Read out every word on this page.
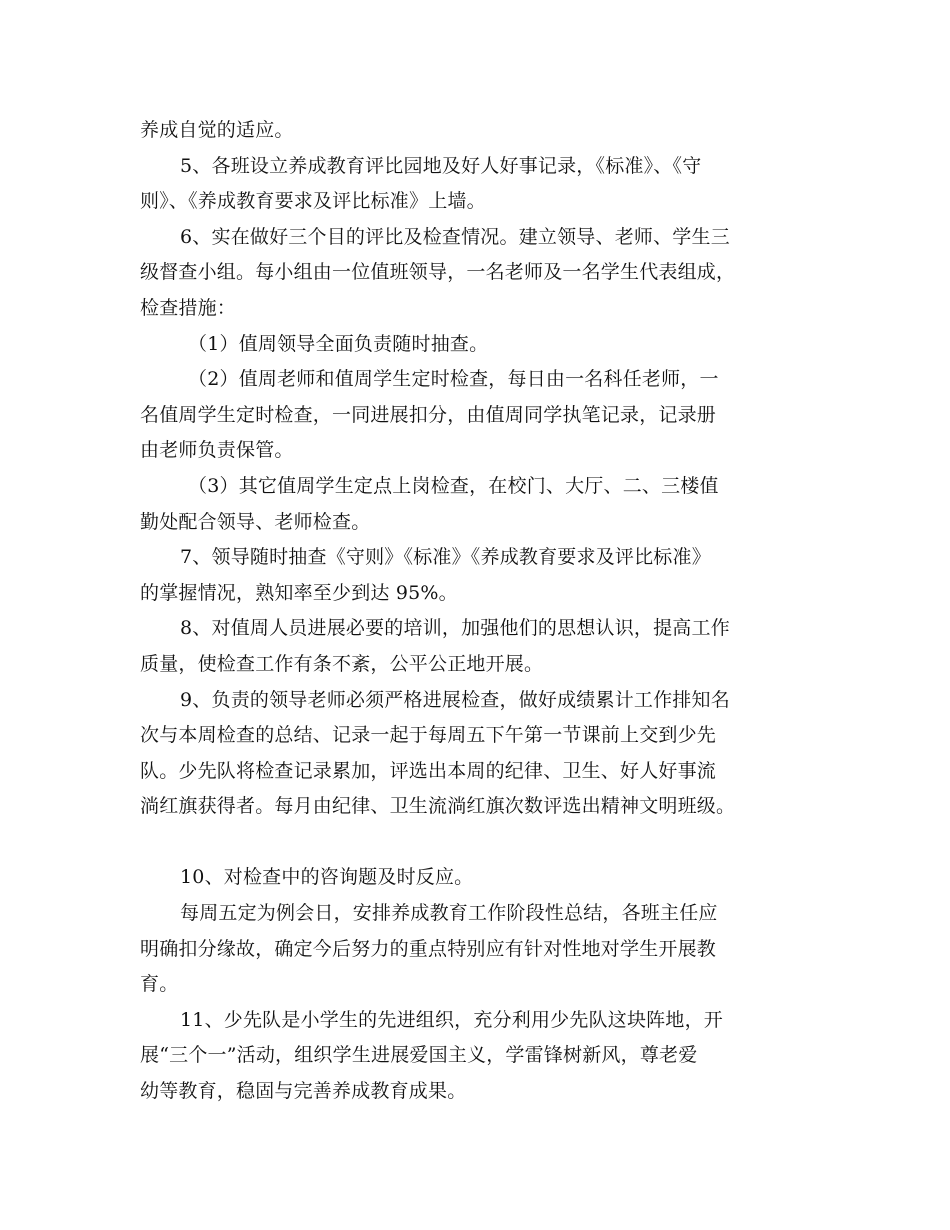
养成自觉的适应。
5、各班设立养成教育评比园地及好人好事记录，《标准》、《守
则》、《养成教育要求及评比标准》上墙。
6、实在做好三个目的评比及检查情况。建立领导、老师、学生三
级督查小组。每小组由一位值班领导，一名老师及一名学生代表组成，
检查措施：
（1）值周领导全面负责随时抽查。
（2）值周老师和值周学生定时检查，每日由一名科任老师，一
名值周学生定时检查，一同进展扣分，由值周同学执笔记录，记录册
由老师负责保管。
（3）其它值周学生定点上岗检查，在校门、大厅、二、三楼值
勤处配合领导、老师检查。
7、领导随时抽查《守则》《标准》《养成教育要求及评比标准》
的掌握情况，熟知率至少到达 95%。
8、对值周人员进展必要的培训，加强他们的思想认识，提高工作
质量，使检查工作有条不紊，公平公正地开展。
9、负责的领导老师必须严格进展检查，做好成绩累计工作排知名
次与本周检查的总结、记录一起于每周五下午第一节课前上交到少先
队。少先队将检查记录累加，评选出本周的纪律、卫生、好人好事流
淌红旗获得者。每月由纪律、卫生流淌红旗次数评选出精神文明班级。
10、对检查中的咨询题及时反应。
每周五定为例会日，安排养成教育工作阶段性总结，各班主任应
明确扣分缘故，确定今后努力的重点特别应有针对性地对学生开展教
育。
11、少先队是小学生的先进组织，充分利用少先队这块阵地，开
展“三个一”活动，组织学生进展爱国主义，学雷锋树新风，尊老爱
幼等教育，稳固与完善养成教育成果。
